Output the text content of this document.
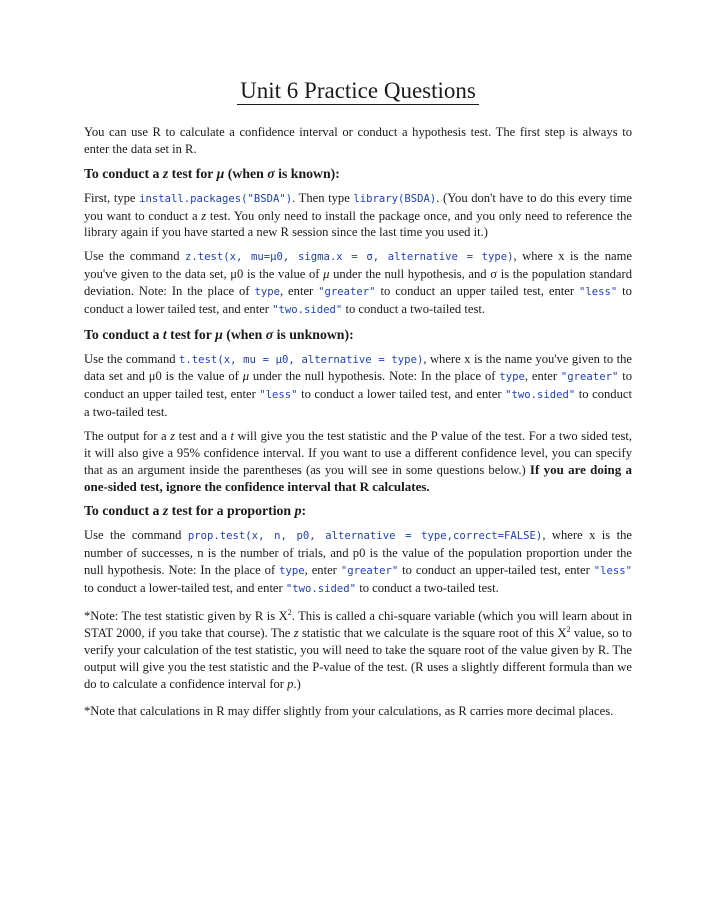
Unit 6 Practice Questions

You can use R to calculate a confidence interval or conduct a hypothesis test. The first step is always to enter the data set in R.

To conduct a z test for μ (when σ is known):

First, type install.packages("BSDA"). Then type library(BSDA). (You don't have to do this every time you want to conduct a z test. You only need to install the package once, and you only need to reference the library again if you have started a new R session since the last time you used it.)

Use the command z.test(x, mu=μ0, sigma.x = σ, alternative = type), where x is the name you've given to the data set, μ0 is the value of μ under the null hypothesis, and σ is the population standard deviation. Note: In the place of type, enter "greater" to conduct an upper tailed test, enter "less" to conduct a lower tailed test, and enter "two.sided" to conduct a two-tailed test.

To conduct a t test for μ (when σ is unknown):

Use the command t.test(x, mu = μ0, alternative = type), where x is the name you've given to the data set and μ0 is the value of μ under the null hypothesis. Note: In the place of type, enter "greater" to conduct an upper tailed test, enter "less" to conduct a lower tailed test, and enter "two.sided" to conduct a two-tailed test.

The output for a z test and a t will give you the test statistic and the P value of the test. For a two sided test, it will also give a 95% confidence interval. If you want to use a different confidence level, you can specify that as an argument inside the parentheses (as you will see in some questions below.) If you are doing a one-sided test, ignore the confidence interval that R calculates.

To conduct a z test for a proportion p:

Use the command prop.test(x, n, p0, alternative = type,correct=FALSE), where x is the number of successes, n is the number of trials, and p0 is the value of the population proportion under the null hypothesis. Note: In the place of type, enter "greater" to conduct an upper-tailed test, enter "less" to conduct a lower-tailed test, and enter "two.sided" to conduct a two-tailed test.

*Note: The test statistic given by R is $X^2$. This is called a chi-square variable (which you will learn about in STAT 2000, if you take that course). The z statistic that we calculate is the square root of this $X^2$ value, so to verify your calculation of the test statistic, you will need to take the square root of the value given by R. The output will give you the test statistic and the P-value of the test. (R uses a slightly different formula than we do to calculate a confidence interval for p.)

*Note that calculations in R may differ slightly from your calculations, as R carries more decimal places.
